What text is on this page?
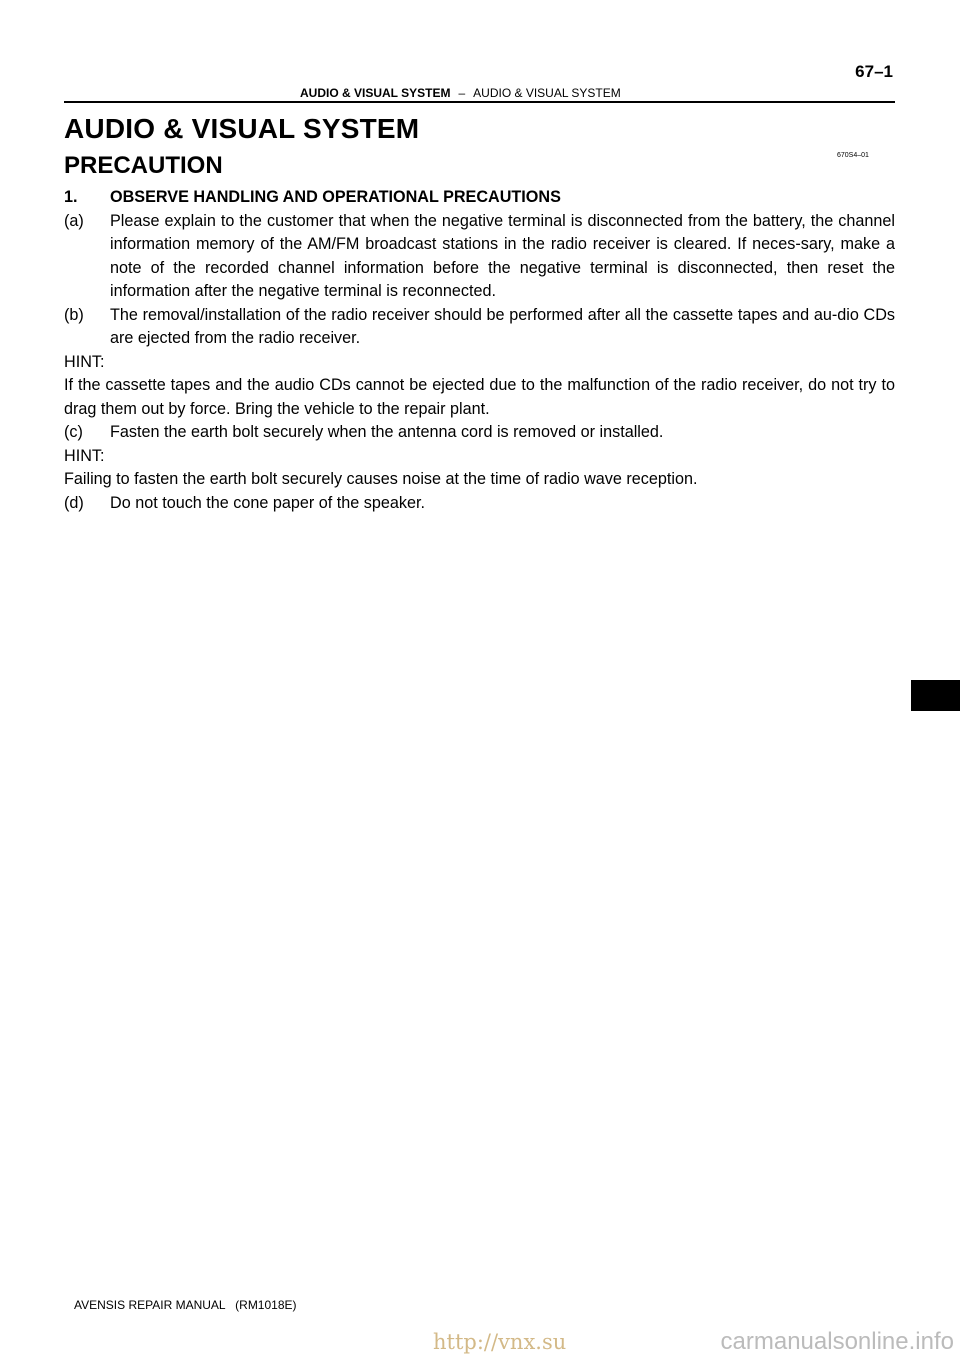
67–1
AUDIO & VISUAL SYSTEM – AUDIO & VISUAL SYSTEM
AUDIO & VISUAL SYSTEM
670S4–01
PRECAUTION
1.	OBSERVE HANDLING AND OPERATIONAL PRECAUTIONS
(a)	Please explain to the customer that when the negative terminal is disconnected from the battery, the channel information memory of the AM/FM broadcast stations in the radio receiver is cleared. If neces-sary, make a note of the recorded channel information before the negative terminal is disconnected, then reset the information after the negative terminal is reconnected.
(b)	The removal/installation of the radio receiver should be performed after all the cassette tapes and au-dio CDs are ejected from the radio receiver.
HINT:
If the cassette tapes and the audio CDs cannot be ejected due to the malfunction of the radio receiver, do not try to drag them out by force. Bring the vehicle to the repair plant.
(c)	Fasten the earth bolt securely when the antenna cord is removed or installed.
HINT:
Failing to fasten the earth bolt securely causes noise at the time of radio wave reception.
(d)	Do not touch the cone paper of the speaker.
AVENSIS REPAIR MANUAL   (RM1018E)
http://vnx.su	carmanualsonline.info
